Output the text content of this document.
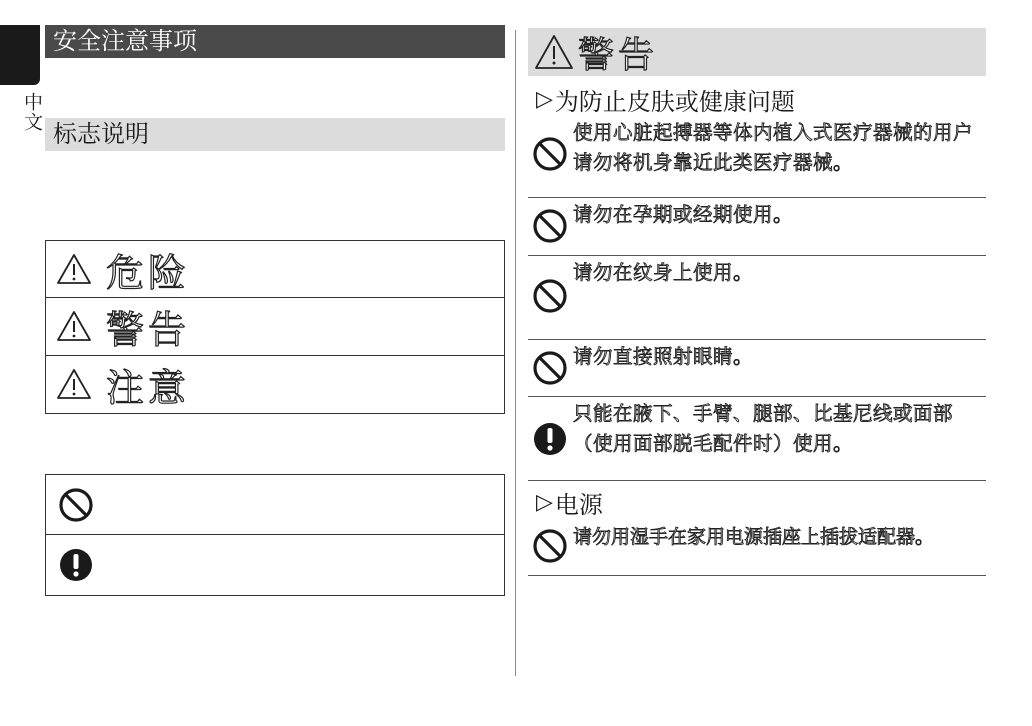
中文
安全注意事项
标志说明
危险
警告
注意
警告
▷ 为防止皮肤或健康问题
使用心脏起搏器等体内植入式医疗器械的用户请勿将机身靠近此类医疗器械。
请勿在孕期或经期使用。
请勿在纹身上使用。
请勿直接照射眼睛。
只能在腋下、手臂、腿部、比基尼线或面部（使用面部脱毛配件时）使用。
▷ 电源
请勿用湿手在家用电源插座上插拔适配器。
